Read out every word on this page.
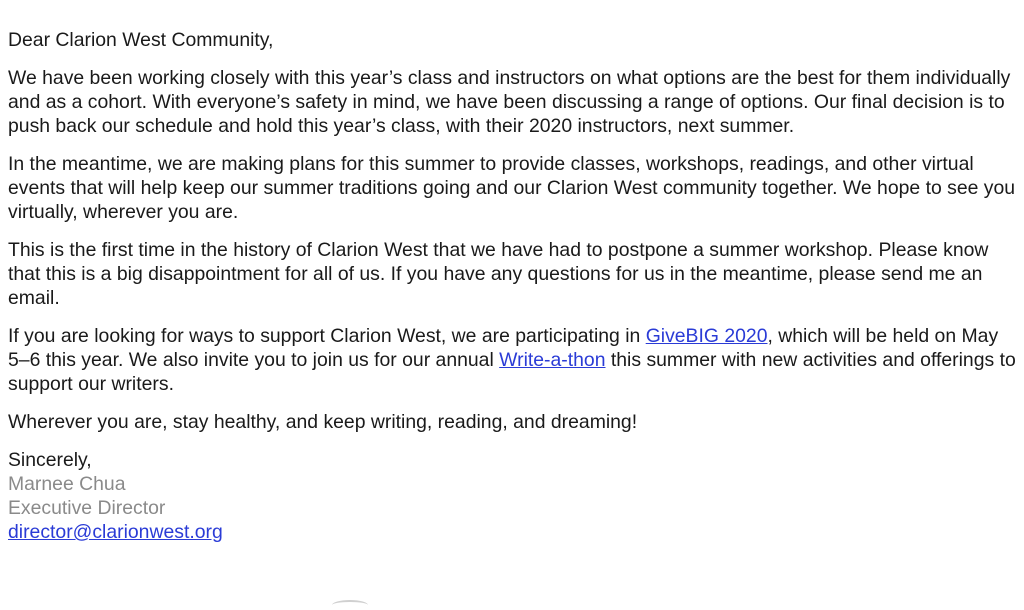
Dear Clarion West Community,

We have been working closely with this year’s class and instructors on what options are the best for them individually and as a cohort. With everyone’s safety in mind, we have been discussing a range of options. Our final decision is to push back our schedule and hold this year’s class, with their 2020 instructors, next summer.

In the meantime, we are making plans for this summer to provide classes, workshops, readings, and other virtual events that will help keep our summer traditions going and our Clarion West community together. We hope to see you virtually, wherever you are.

This is the first time in the history of Clarion West that we have had to postpone a summer workshop. Please know that this is a big disappointment for all of us. If you have any questions for us in the meantime, please send me an email.

If you are looking for ways to support Clarion West, we are participating in GiveBIG 2020, which will be held on May 5–6 this year. We also invite you to join us for our annual Write-a-thon this summer with new activities and offerings to support our writers.

Wherever you are, stay healthy, and keep writing, reading, and dreaming!

Sincerely,

Marnee Chua

Executive Director

director@clarionwest.org
